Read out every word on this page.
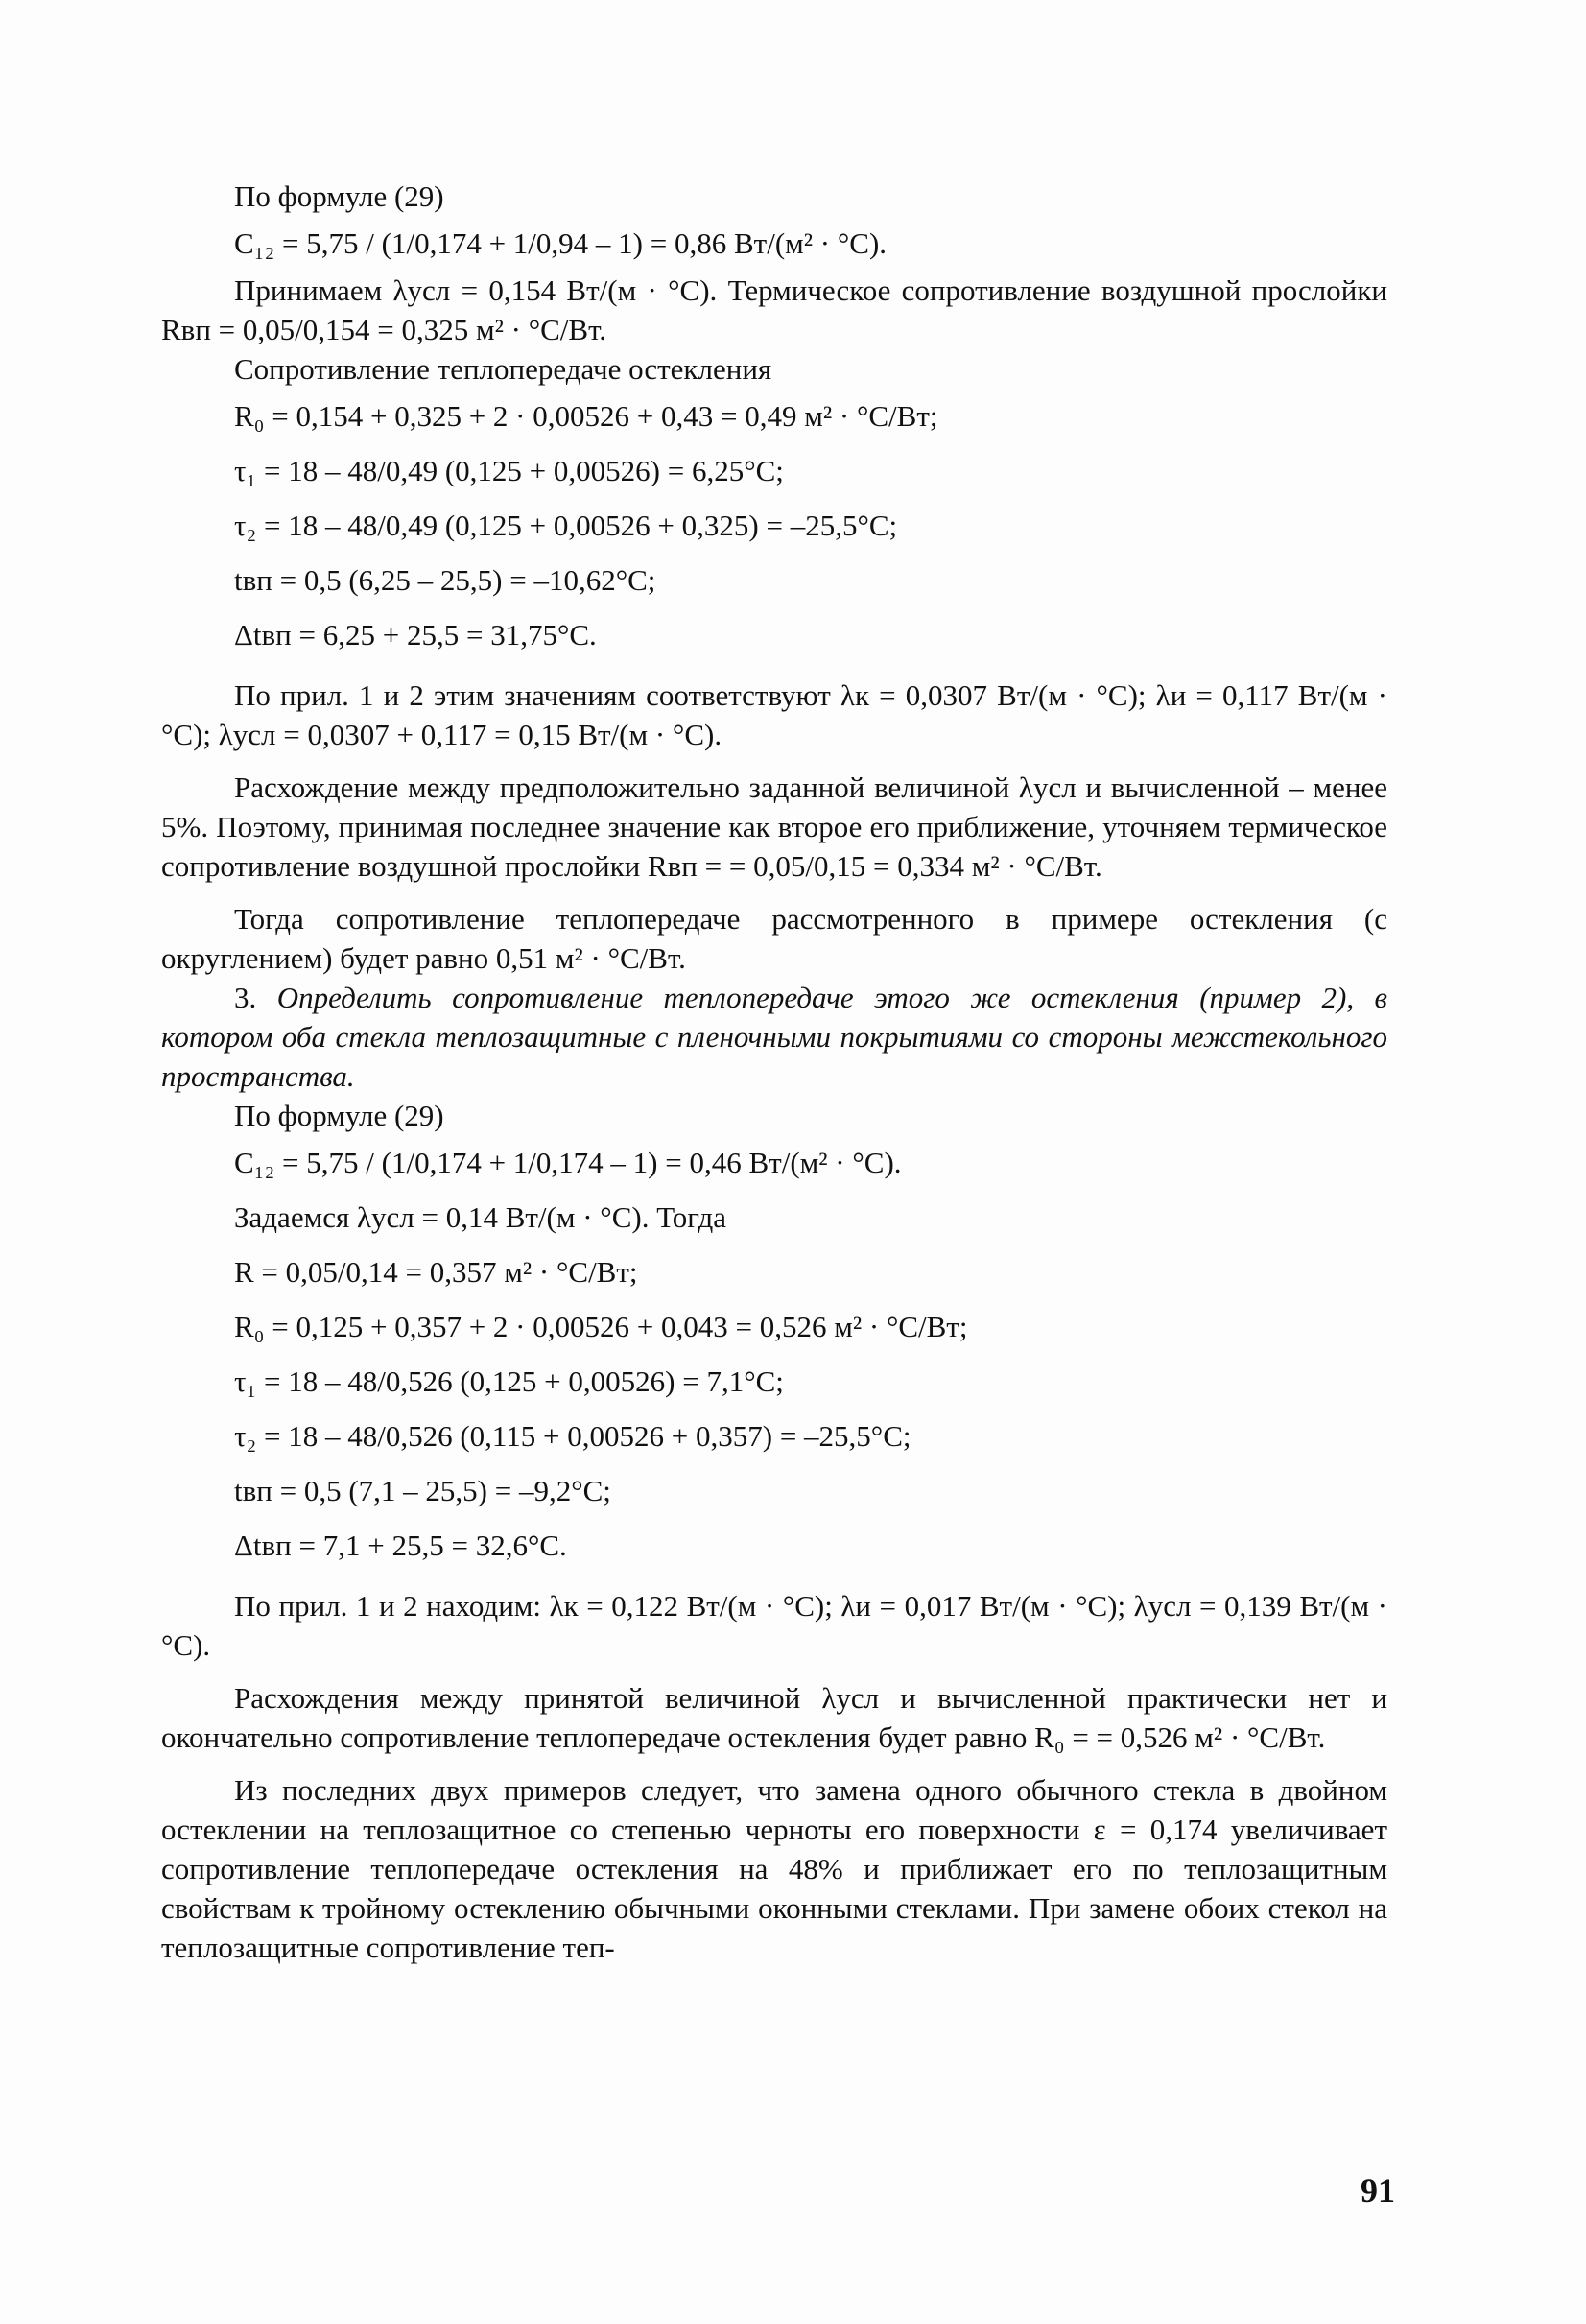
По формуле (29)

C₁₂ = 5,75 / (1/0,174 + 1/0,94 – 1) = 0,86 Вт/(м² · °С).

Принимаем λусл = 0,154 Вт/(м · °С). Термическое сопротивление воздушной прослойки Rвп = 0,05/0,154 = 0,325 м² · °С/Вт.

Сопротивление теплопередаче остекления

R₀ = 0,154 + 0,325 + 2 · 0,00526 + 0,43 = 0,49 м² · °С/Вт;

τ₁ = 18 – 48/0,49 (0,125 + 0,00526) = 6,25°С;

τ₂ = 18 – 48/0,49 (0,125 + 0,00526 + 0,325) = –25,5°С;

tвп = 0,5 (6,25 – 25,5) = –10,62°С;

Δtвп = 6,25 + 25,5 = 31,75°С.

По прил. 1 и 2 этим значениям соответствуют λк = 0,0307 Вт/(м · °С); λи = 0,117 Вт/(м · °С); λусл = 0,0307 + 0,117 = 0,15 Вт/(м · °С).

Расхождение между предположительно заданной величиной λусл и вычисленной – менее 5%. Поэтому, принимая последнее значение как второе его приближение, уточняем термическое сопротивление воздушной прослойки Rвп = = 0,05/0,15 = 0,334 м² · °С/Вт.

Тогда сопротивление теплопередаче рассмотренного в примере остекления (с округлением) будет равно 0,51 м² · °С/Вт.

3. Определить сопротивление теплопередаче этого же остекления (пример 2), в котором оба стекла теплозащитные с пленочными покрытиями со стороны межстекольного пространства.

По формуле (29)

C₁₂ = 5,75 / (1/0,174 + 1/0,174 – 1) = 0,46 Вт/(м² · °С).

Задаемся λусл = 0,14 Вт/(м · °С). Тогда

R = 0,05/0,14 = 0,357 м² · °С/Вт;

R₀ = 0,125 + 0,357 + 2 · 0,00526 + 0,043 = 0,526 м² · °С/Вт;

τ₁ = 18 – 48/0,526 (0,125 + 0,00526) = 7,1°С;

τ₂ = 18 – 48/0,526 (0,115 + 0,00526 + 0,357) = –25,5°С;

tвп = 0,5 (7,1 – 25,5) = –9,2°С;

Δtвп = 7,1 + 25,5 = 32,6°С.

По прил. 1 и 2 находим: λк = 0,122 Вт/(м · °С); λи = 0,017 Вт/(м · °С); λусл = 0,139 Вт/(м · °С).

Расхождения между принятой величиной λусл и вычисленной практически нет и окончательно сопротивление теплопередаче остекления будет равно R₀ = = 0,526 м² · °С/Вт.

Из последних двух примеров следует, что замена одного обычного стекла в двойном остеклении на теплозащитное со степенью черноты его поверхности ε = 0,174 увеличивает сопротивление теплопередаче остекления на 48% и приближает его по теплозащитным свойствам к тройному остеклению обычными оконными стеклами. При замене обоих стекол на теплозащитные сопротивление теп-

91
